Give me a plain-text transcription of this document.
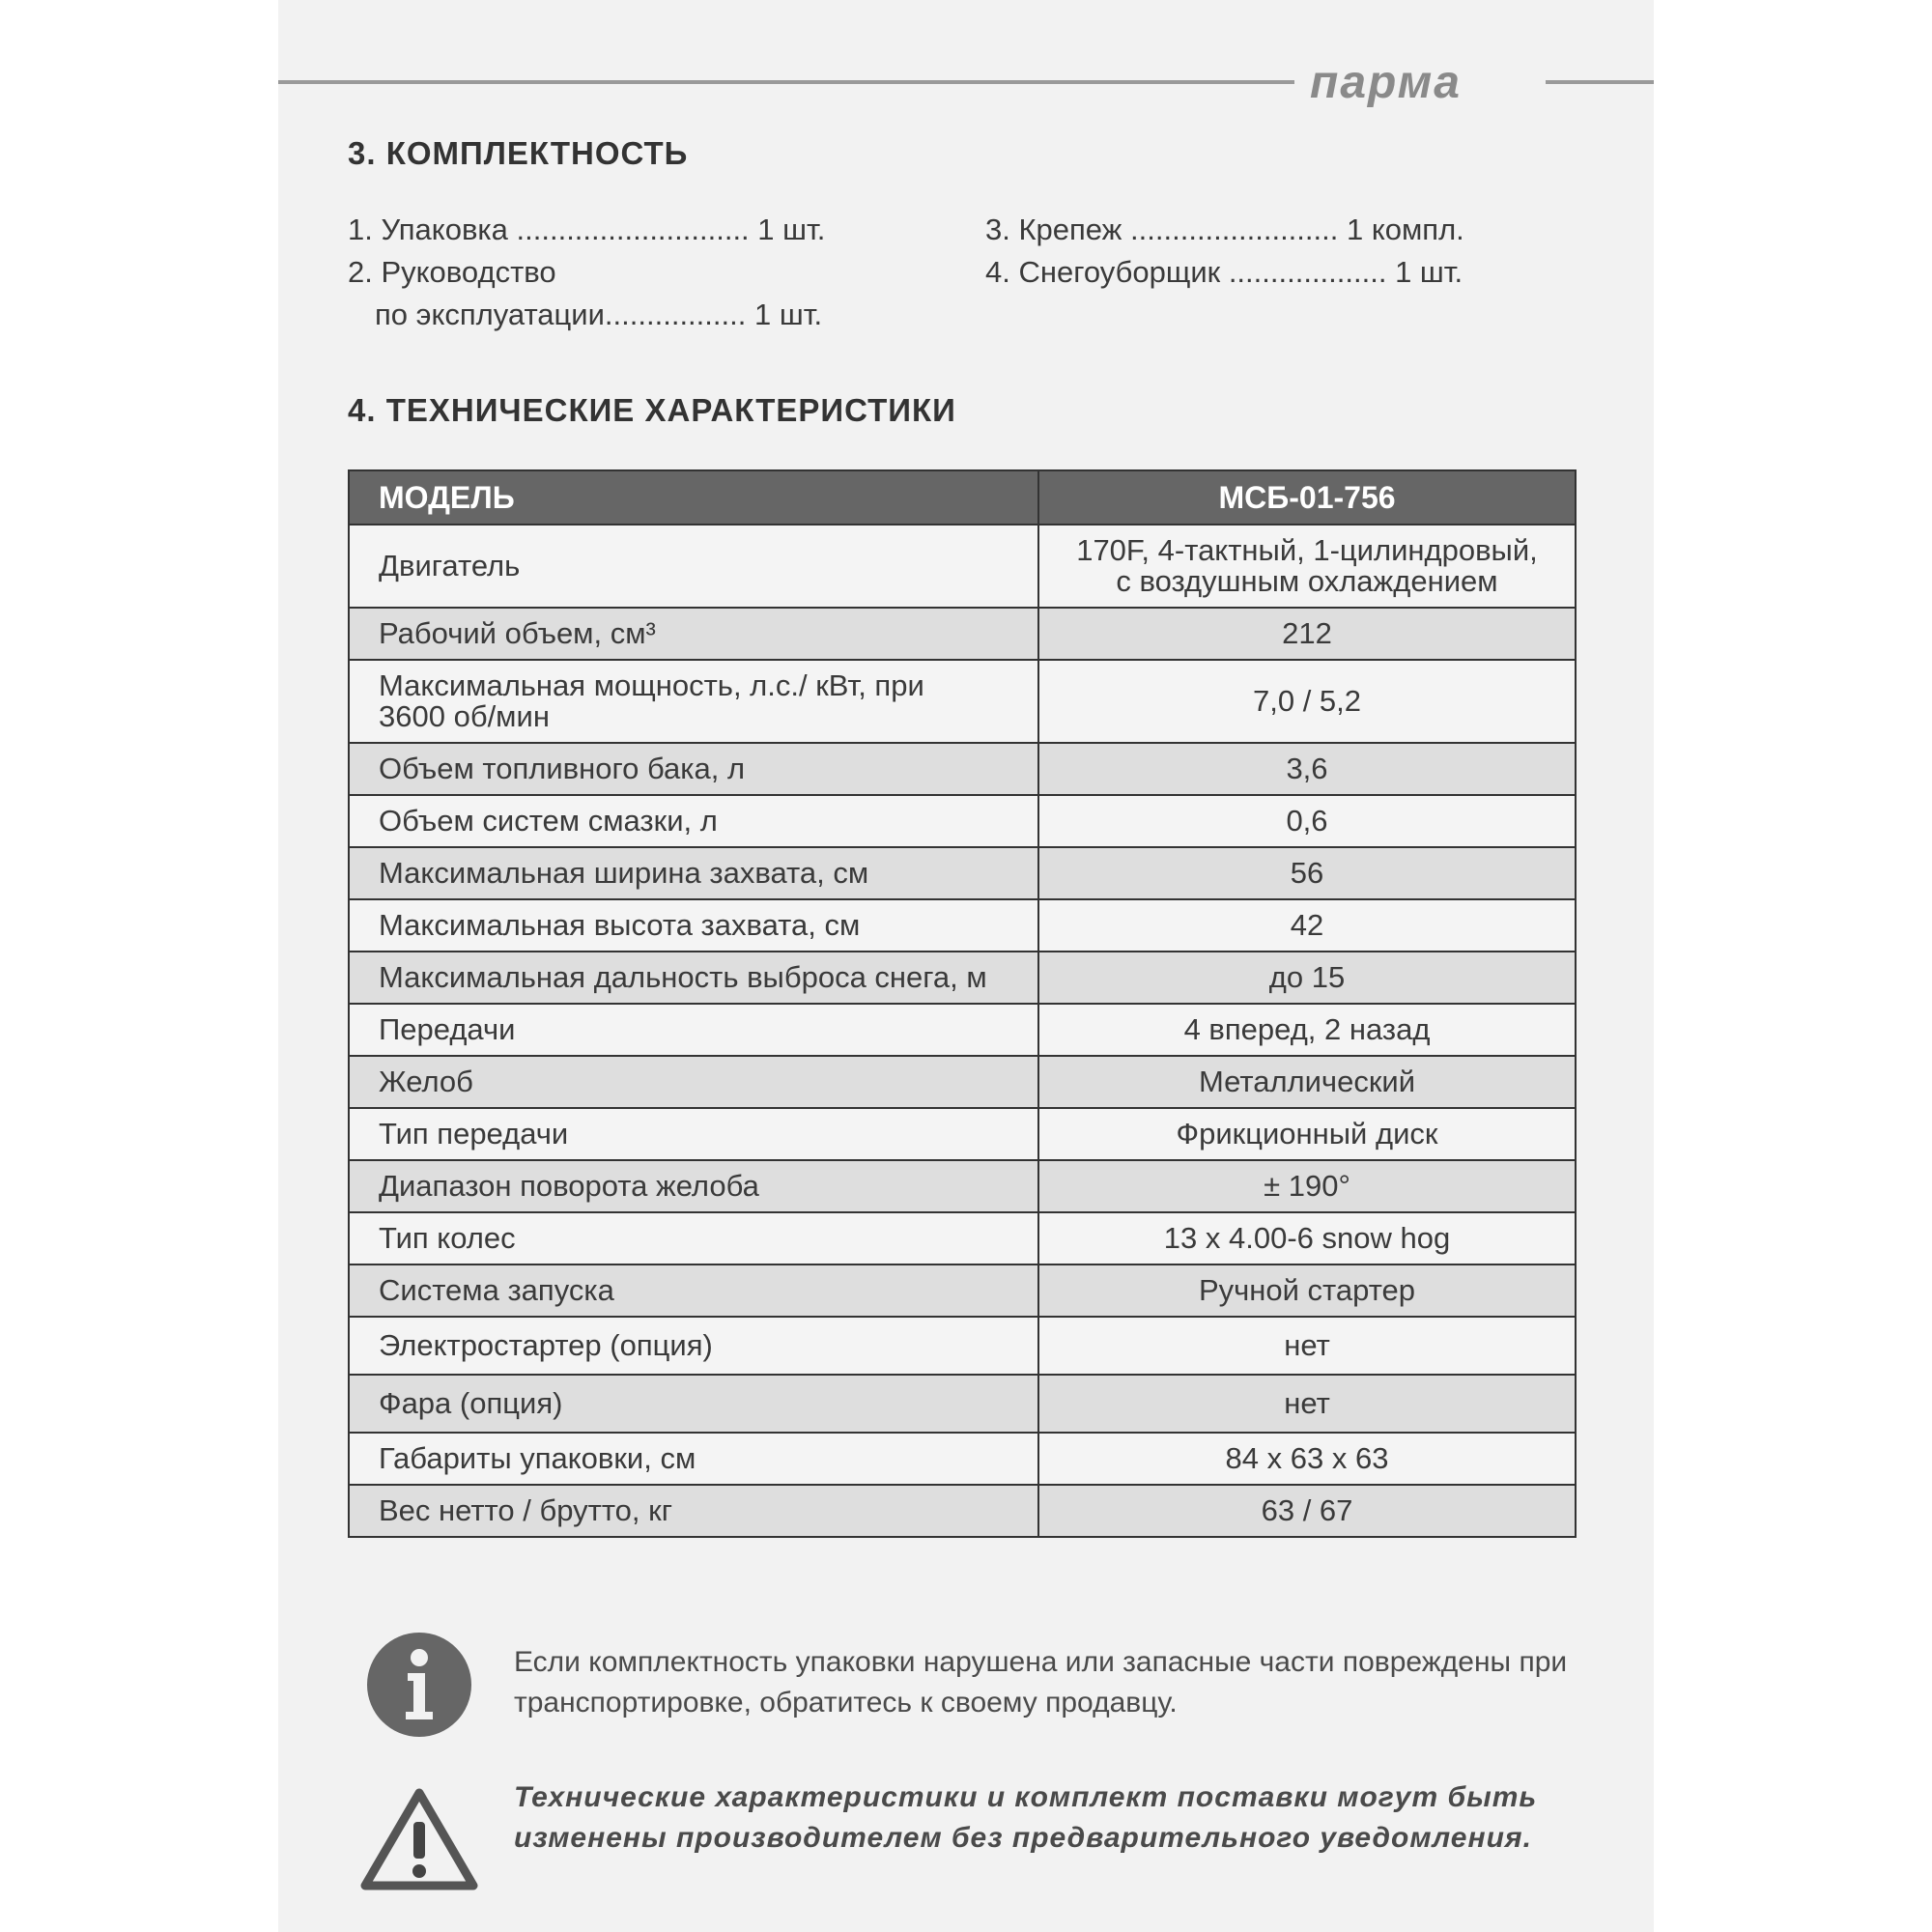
парма
3. КОМПЛЕКТНОСТЬ
1. Упаковка ............................ 1 шт.
2. Руководство
по эксплуатации................. 1 шт.
3. Крепеж ......................... 1 компл.
4. Снегоуборщик ................... 1 шт.
4. ТЕХНИЧЕСКИЕ ХАРАКТЕРИСТИКИ
МОДЕЛЬ	МСБ-01-756
Двигатель	170F, 4-тактный, 1-цилиндровый,
с воздушным охлаждением

Рабочий объем, см³	212

Максимальная мощность, л.с./ кВт, при
3600 об/мин	7,0 / 5,2
Объем топливного бака, л	3,6
Объем систем смазки, л	0,6
Максимальная ширина захвата, см	56
Максимальная высота захвата, см	42
Максимальная дальность выброса снега, м	до 15
Передачи	4 вперед, 2 назад
Желоб	Металлический
Тип передачи	Фрикционный диск
Диапазон поворота желоба	± 190°
Тип колес	13 x 4.00-6 snow hog
Система запуска	Ручной стартер
Электростартер (опция)	нет
Фара (опция)	нет
Габариты упаковки, см	84 x 63 x 63
Вес нетто / брутто, кг	63 / 67
Если комплектность упаковки нарушена или запасные части повреждены при транспортировке, обратитесь к своему продавцу.
Технические характеристики и комплект поставки могут быть изменены производителем без предварительного уведомления.
